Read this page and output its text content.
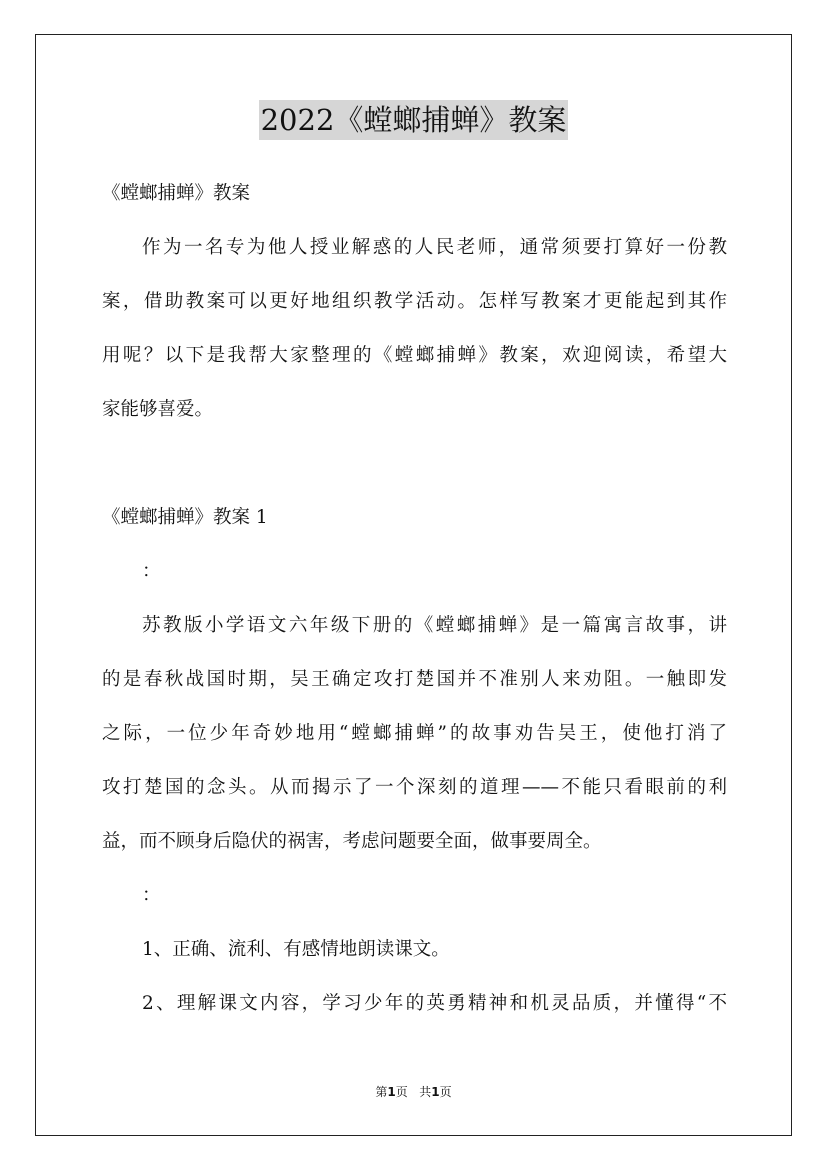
2022《螳螂捕蝉》教案
《螳螂捕蝉》教案
作为一名专为他人授业解惑的人民老师，通常须要打算好一份教
案，借助教案可以更好地组织教学活动。怎样写教案才更能起到其作
用呢？以下是我帮大家整理的《螳螂捕蝉》教案，欢迎阅读，希望大
家能够喜爱。
《螳螂捕蝉》教案 1
：
苏教版小学语文六年级下册的《螳螂捕蝉》是一篇寓言故事，讲
的是春秋战国时期，吴王确定攻打楚国并不准别人来劝阻。一触即发
之际，一位少年奇妙地用“螳螂捕蝉”的故事劝告吴王，使他打消了
攻打楚国的念头。从而揭示了一个深刻的道理——不能只看眼前的利
益，而不顾身后隐伏的祸害，考虑问题要全面，做事要周全。
：
1、正确、流利、有感情地朗读课文。
2、理解课文内容，学习少年的英勇精神和机灵品质，并懂得“不
第1页 共1页
